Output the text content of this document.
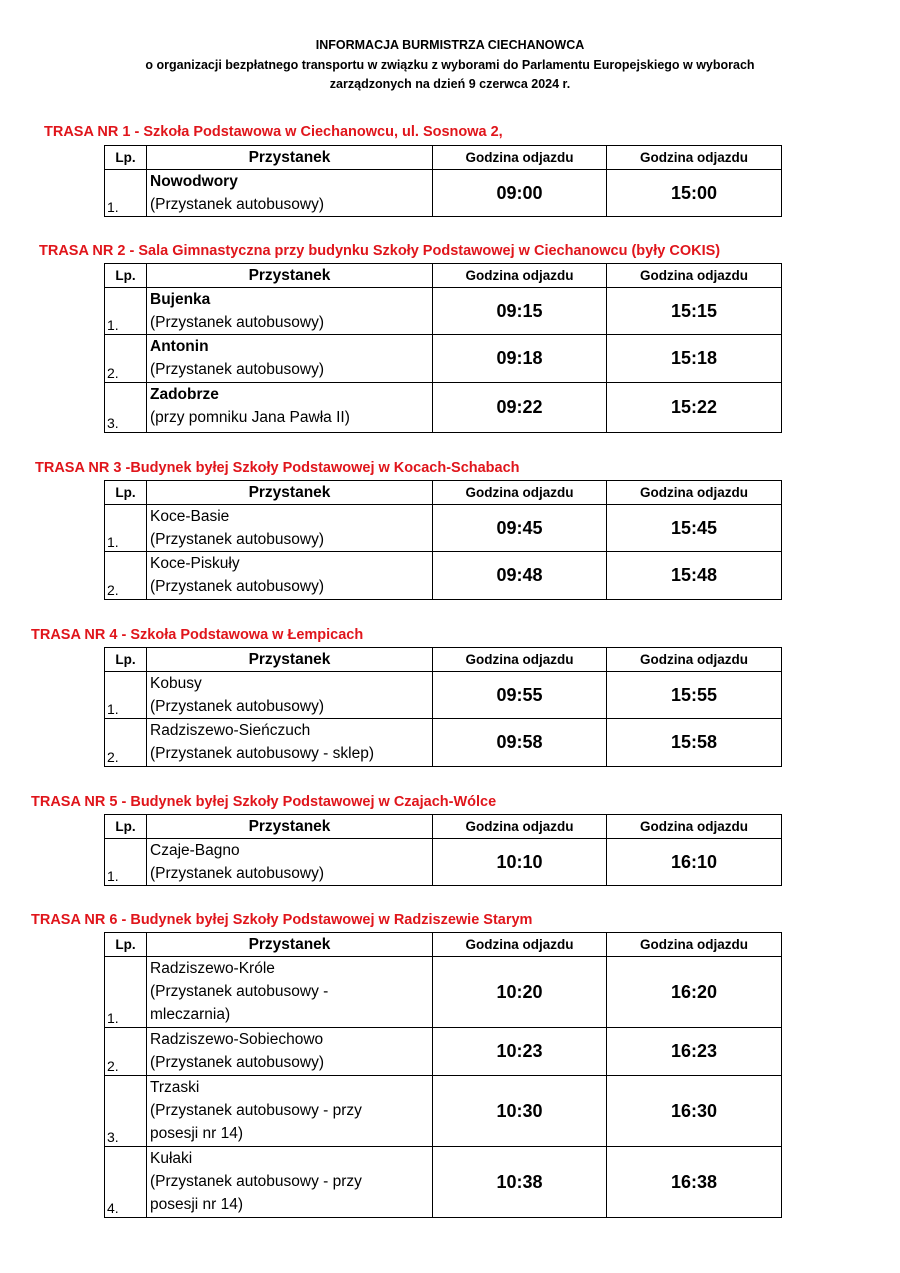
INFORMACJA BURMISTRZA CIECHANOWCA
o organizacji bezpłatnego transportu w związku z wyborami do Parlamentu Europejskiego w wyborach
zarządzonych na dzień 9 czerwca 2024 r.
TRASA NR 1 - Szkoła Podstawowa w Ciechanowcu, ul. Sosnowa 2,
Lp.	Przystanek	Godzina odjazdu	Godzina odjazdu
1.	Nowodwory
(Przystanek autobusowy)	09:00	15:00
TRASA NR 2 - Sala Gimnastyczna przy budynku Szkoły Podstawowej w Ciechanowcu (były COKIS)
Lp.	Przystanek	Godzina odjazdu	Godzina odjazdu
1.	Bujenka
(Przystanek autobusowy)	09:15	15:15
2.	Antonin
(Przystanek autobusowy)	09:18	15:18
3.	Zadobrze
(przy pomniku Jana Pawła II)	09:22	15:22
TRASA NR 3 -Budynek byłej Szkoły Podstawowej w Kocach-Schabach
Lp.	Przystanek	Godzina odjazdu	Godzina odjazdu
1.	Koce-Basie
(Przystanek autobusowy)	09:45	15:45
2.	Koce-Piskuły
(Przystanek autobusowy)	09:48	15:48
TRASA NR 4 - Szkoła Podstawowa w Łempicach
Lp.	Przystanek	Godzina odjazdu	Godzina odjazdu
1.	Kobusy
(Przystanek autobusowy)	09:55	15:55
2.	Radziszewo-Sieńczuch
(Przystanek autobusowy - sklep)	09:58	15:58
TRASA NR 5 - Budynek byłej Szkoły Podstawowej w Czajach-Wólce
Lp.	Przystanek	Godzina odjazdu	Godzina odjazdu
1.	Czaje-Bagno
(Przystanek autobusowy)	10:10	16:10
TRASA NR 6 - Budynek byłej Szkoły Podstawowej w Radziszewie Starym
Lp.	Przystanek	Godzina odjazdu	Godzina odjazdu
1.	Radziszewo-Króle
(Przystanek autobusowy -
mleczarnia)	10:20	16:20
2.	Radziszewo-Sobiechowo
(Przystanek autobusowy)	10:23	16:23
3.	Trzaski
(Przystanek autobusowy - przy
posesji nr 14)	10:30	16:30
4.	Kułaki
(Przystanek autobusowy - przy
posesji nr 14)	10:38	16:38
